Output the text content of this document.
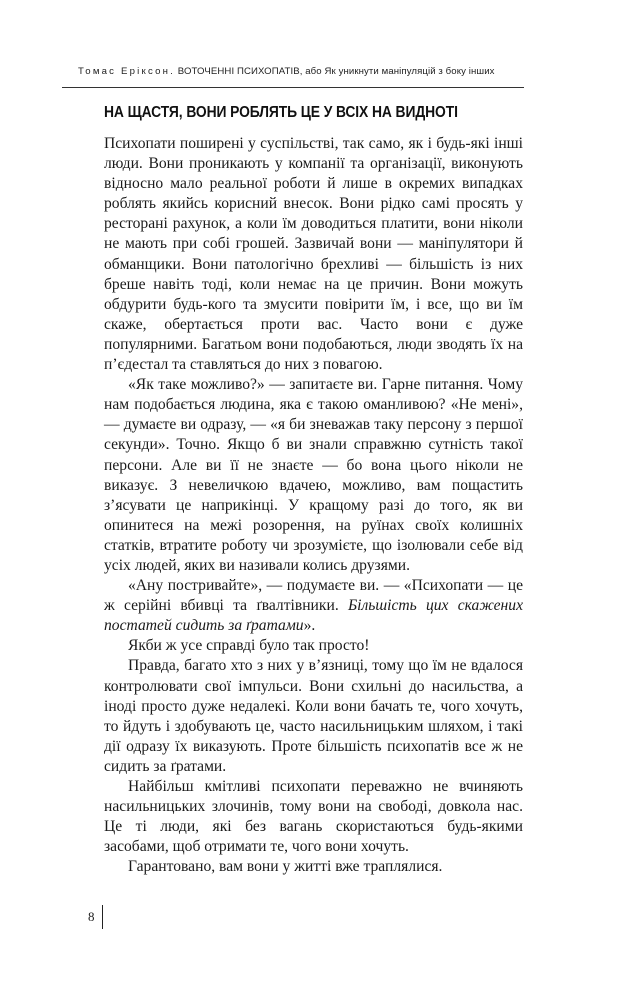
Томас Еріксон. ВОТОЧЕННІ ПСИХОПАТІВ, або Як уникнути маніпуляцій з боку інших
НА ЩАСТЯ, ВОНИ РОБЛЯТЬ ЦЕ У ВСІХ НА ВИДНОТІ

Психопати поширені у суспільстві, так само, як і будь-які інші люди. Вони проникають у компанії та організації, виконують відносно мало реальної роботи й лише в окремих випадках роблять якийсь корисний внесок. Вони рідко самі просять у ресторані рахунок, а коли їм доводиться платити, вони ніколи не мають при собі грошей. Зазвичай вони — маніпулятори й обманщики. Вони патологічно брехливі — більшість із них бреше навіть тоді, коли немає на це причин. Вони можуть обдурити будь-кого та змусити повірити їм, і все, що ви їм скаже, обертається проти вас. Часто вони є дуже популярними. Багатьом вони подобаються, люди зводять їх на п’єдестал та ставляться до них з повагою.

«Як таке можливо?» — запитаєте ви. Гарне питання. Чому нам подобається людина, яка є такою оманливою? «Не мені», — думаєте ви одразу, — «я би зневажав таку персону з першої секунди». Точно. Якщо б ви знали справжню сутність такої персони. Але ви її не знаєте — бо вона цього ніколи не виказує. З невеличкою вдачею, можливо, вам пощастить з’ясувати це наприкінці. У кращому разі до того, як ви опинитеся на межі розорення, на руїнах своїх колишніх статків, втратите роботу чи зрозумієте, що ізолювали себе від усіх людей, яких ви називали колись друзями.

«Ану постривайте», — подумаєте ви. — «Психопати — це ж серійні вбивці та ґвалтівники. Більшість цих скажених постатей сидить за ґратами».

Якби ж усе справді було так просто!

Правда, багато хто з них у в’язниці, тому що їм не вдалося контролювати свої імпульси. Вони схильні до насильства, а іноді просто дуже недалекі. Коли вони бачать те, чого хочуть, то йдуть і здобувають це, часто насильницьким шляхом, і такі дії одразу їх виказують. Проте більшість психопатів все ж не сидить за ґратами.

Найбільш кмітливі психопати переважно не вчиняють насильницьких злочинів, тому вони на свободі, довкола нас. Це ті люди, які без вагань скористаються будь-якими засобами, щоб отримати те, чого вони хочуть.

Гарантовано, вам вони у житті вже траплялися.

8
